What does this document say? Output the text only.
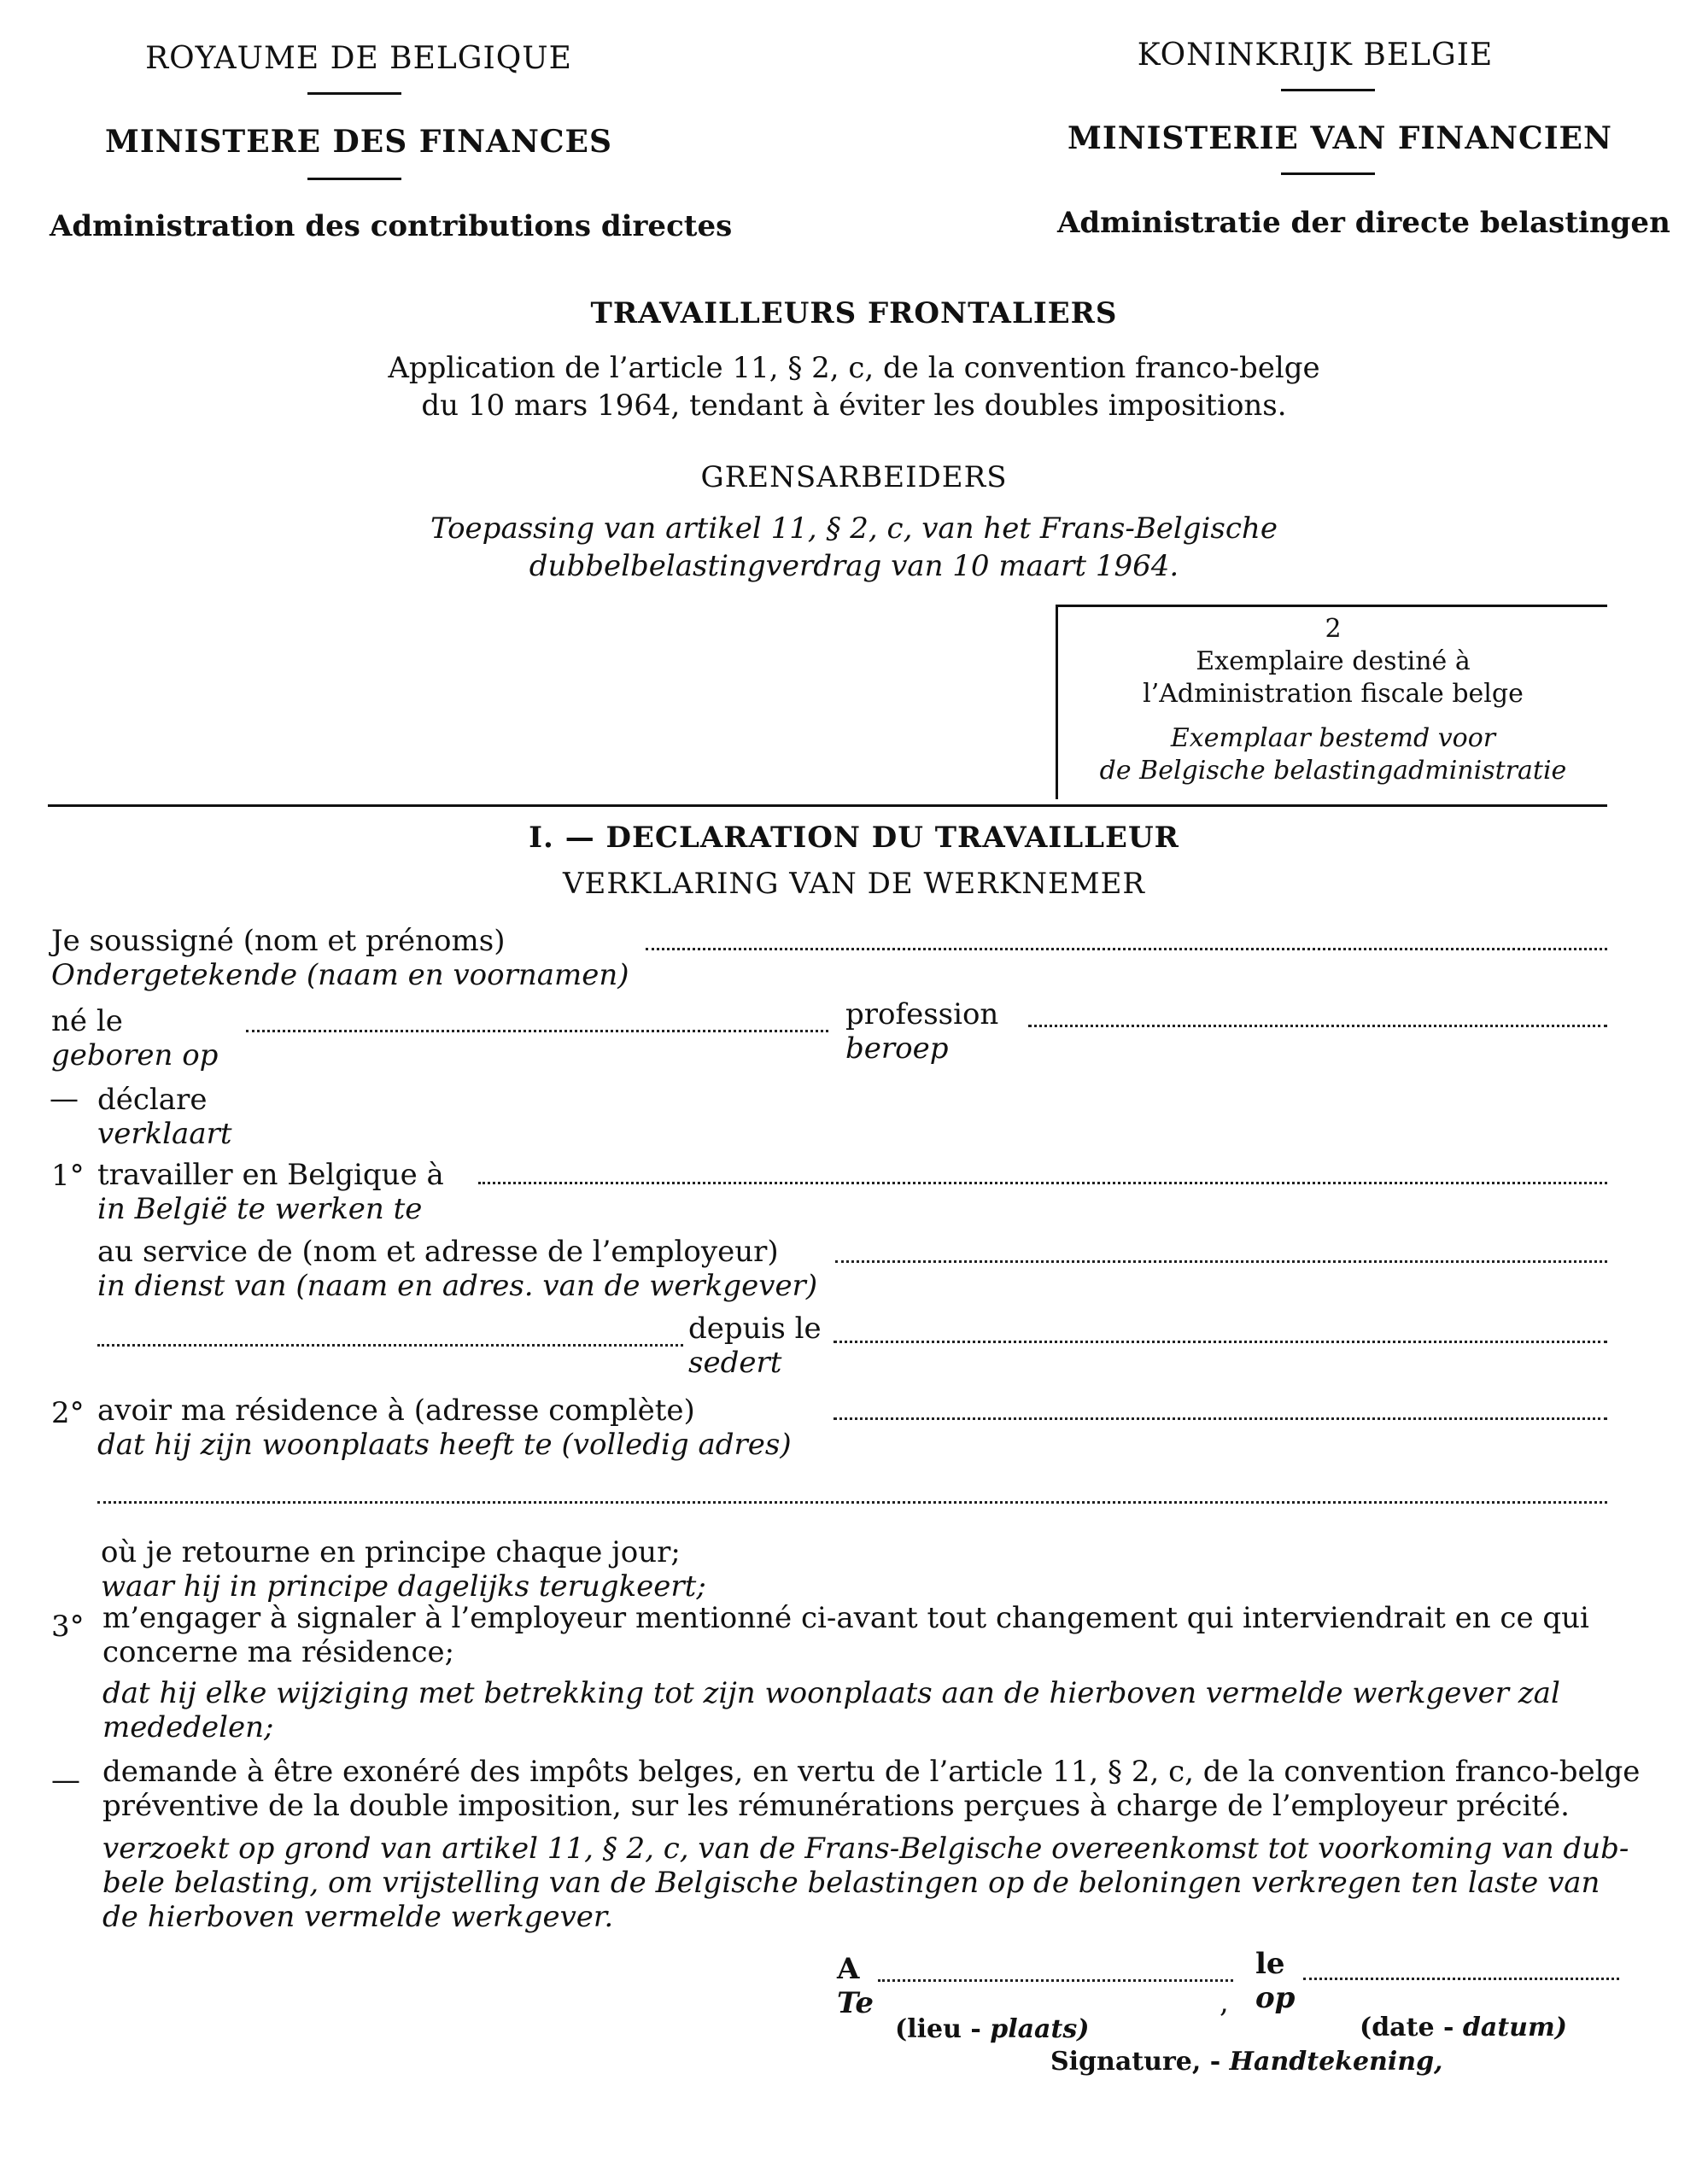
ROYAUME DE BELGIQUE
MINISTERE DES FINANCES
Administration des contributions directes
KONINKRIJK BELGIE
MINISTERIE VAN FINANCIEN
Administratie der directe belastingen
TRAVAILLEURS FRONTALIERS
Application de l’article 11, § 2, c, de la convention franco-belge
du 10 mars 1964, tendant à éviter les doubles impositions.
GRENSARBEIDERS
Toepassing van artikel 11, § 2, c, van het Frans-Belgische
dubbelbelastingverdrag van 10 maart 1964.
2
Exemplaire destiné à
l’Administration fiscale belge
Exemplaar bestemd voor
de Belgische belastingadministratie
I. — DECLARATION DU TRAVAILLEUR
VERKLARING VAN DE WERKNEMER
Je soussigné (nom et prénoms)
Ondergetekende (naam en voornamen)
né le
geboren op
profession
beroep
— déclare
verklaart
1° travailler en Belgique à
in België te werken te
au service de (nom et adresse de l’employeur)
in dienst van (naam en adres. van de werkgever)
depuis le
sedert
2° avoir ma résidence à (adresse complète)
dat hij zijn woonplaats heeft te (volledig adres)
où je retourne en principe chaque jour;
waar hij in principe dagelijks terugkeert;
3° m’engager à signaler à l’employeur mentionné ci-avant tout changement qui interviendrait en ce qui
concerne ma résidence;
dat hij elke wijziging met betrekking tot zijn woonplaats aan de hierboven vermelde werkgever zal
mededelen;
— demande à être exonéré des impôts belges, en vertu de l’article 11, § 2, c, de la convention franco-belge
préventive de la double imposition, sur les rémunérations perçues à charge de l’employeur précité.
verzoekt op grond van artikel 11, § 2, c, van de Frans-Belgische overeenkomst tot voorkoming van dub-
bele belasting, om vrijstelling van de Belgische belastingen op de beloningen verkregen ten laste van
de hierboven vermelde werkgever.
A
Te	,
le
op
(lieu - plaats)	(date - datum)
Signature, - Handtekening,
